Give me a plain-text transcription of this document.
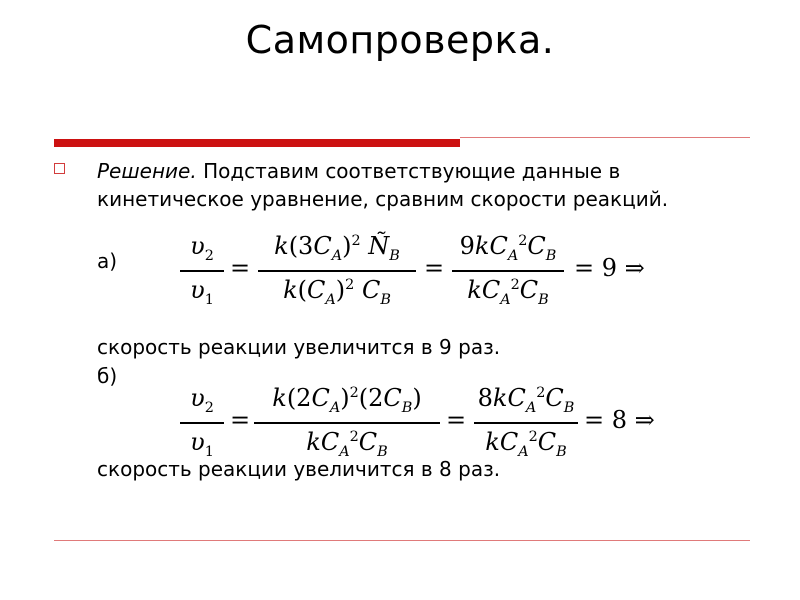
Самопроверка.
Решение. Подставим соответствующие данные в кинетическое уравнение, сравним скорости реакций.
а)
$\upsilon_2$
$\upsilon_1$
=
$k(3C_A)^2$ $Ñ_B$
$k(C_A)^2$ $C_B$
=
$9kC_A^2C_B$
$kC_A^2C_B$
= 9 ⇒
скорость реакции увеличится в 9 раз.
б)
$\upsilon_2$
$\upsilon_1$
=
$k(2C_A)^2(2C_B)$
$kC_A^2C_B$
=
$8kC_A^2C_B$
$kC_A^2C_B$
= 8 ⇒
скорость реакции увеличится в 8 раз.
